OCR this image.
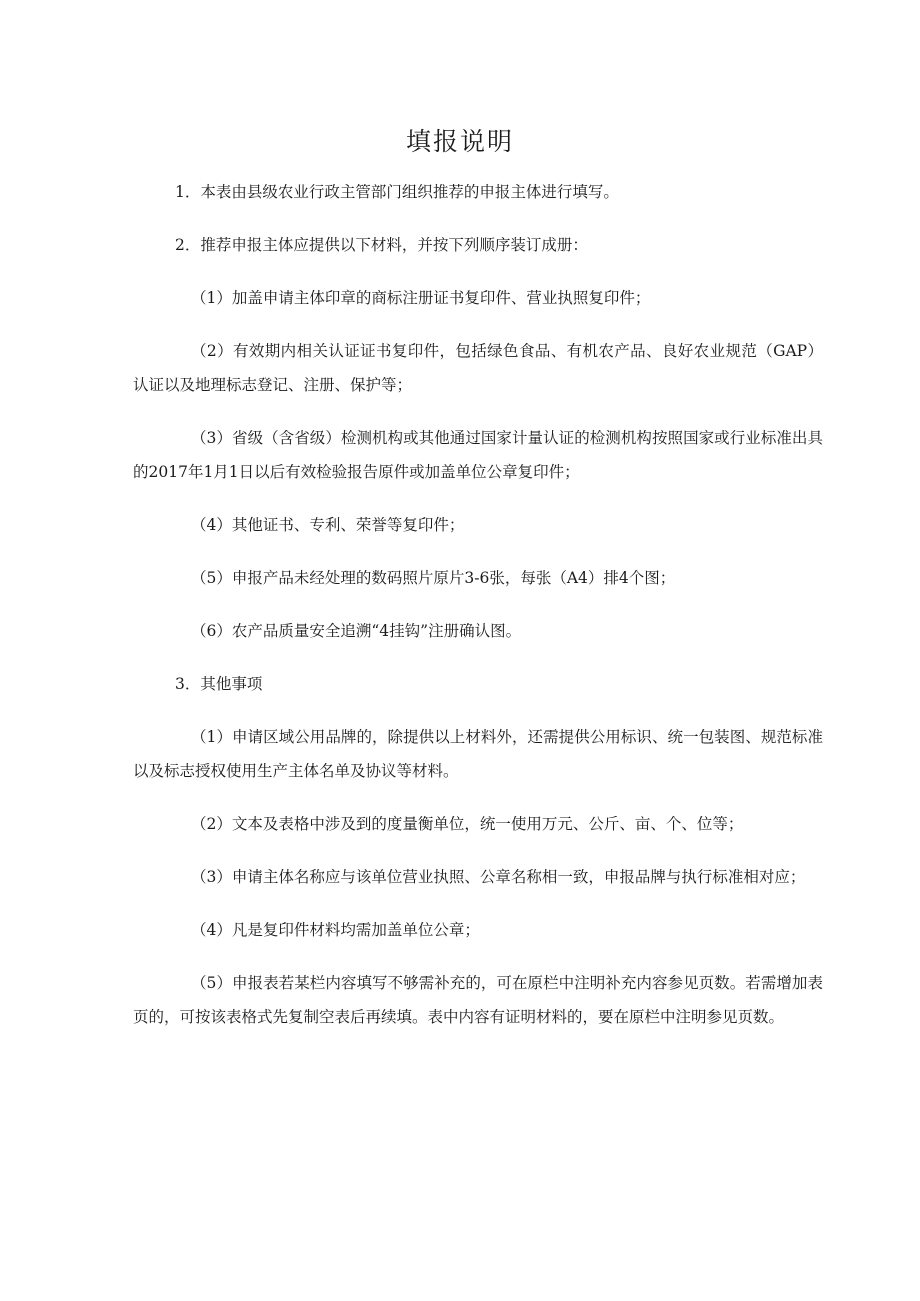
填报说明

1．本表由县级农业行政主管部门组织推荐的申报主体进行填写。

2．推荐申报主体应提供以下材料，并按下列顺序装订成册：

（1）加盖申请主体印章的商标注册证书复印件、营业执照复印件；

（2）有效期内相关认证证书复印件，包括绿色食品、有机农产品、良好农业规范（GAP）认证以及地理标志登记、注册、保护等；

（3）省级（含省级）检测机构或其他通过国家计量认证的检测机构按照国家或行业标准出具的2017年1月1日以后有效检验报告原件或加盖单位公章复印件；

（4）其他证书、专利、荣誉等复印件；

（5）申报产品未经处理的数码照片原片3-6张，每张（A4）排4个图；

（6）农产品质量安全追溯“4挂钩”注册确认图。

3．其他事项

（1）申请区域公用品牌的，除提供以上材料外，还需提供公用标识、统一包装图、规范标准以及标志授权使用生产主体名单及协议等材料。

（2）文本及表格中涉及到的度量衡单位，统一使用万元、公斤、亩、个、位等；

（3）申请主体名称应与该单位营业执照、公章名称相一致，申报品牌与执行标准相对应；

（4）凡是复印件材料均需加盖单位公章；

（5）申报表若某栏内容填写不够需补充的，可在原栏中注明补充内容参见页数。若需增加表页的，可按该表格式先复制空表后再续填。表中内容有证明材料的，要在原栏中注明参见页数。
